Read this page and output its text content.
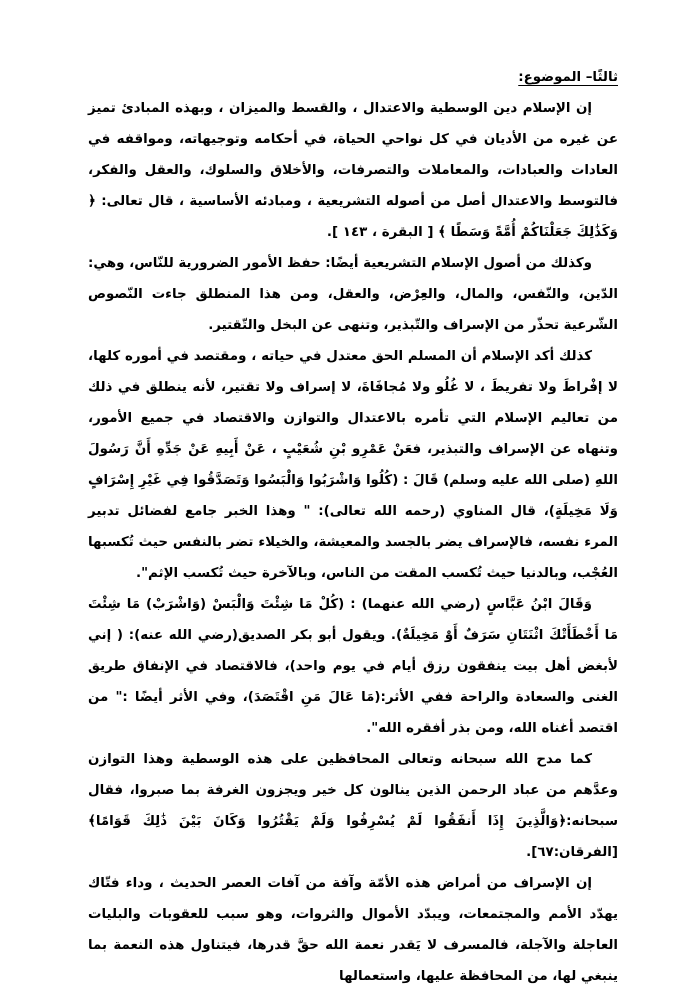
ثالثًا– الموضوع:

إن الإسلام دين الوسطية والاعتدال ، والقسط والميزان ، وبهذه المبادئ تميز عن غيره من الأديان في كل نواحي الحياة، في أحكامه وتوجيهاته، ومواقفه في العادات والعبادات، والمعاملات والتصرفات، والأخلاق والسلوك، والعقل والفكر، فالتوسط والاعتدال أصل من أصوله التشريعية ، ومبادئه الأساسية ، قال تعالى: ﴿ وَكَذَٰلِكَ جَعَلْنَاكُمْ أُمَّةً وَسَطًا ﴾ [ البقرة ، ١٤٣ ].

وكذلك من أصول الإسلام التشريعية أيضًا: حفظ الأمور الضرورية للنّاس، وهي: الدّين، والنّفس، والمال، والعِرْض، والعقل، ومن هذا المنطلق جاءت النّصوص الشّرعية تحذّر من الإسراف والتّبذير، وتنهى عن البخل والتّقتير.

كذلك أكد الإسلام أن المسلم الحق معتدل في حياته ، ومقتصد في أموره كلها، لا إفْراطَ ولا تفريطَ ، لا غُلُو ولا مُجافَاةَ، لا إسراف ولا تقتير، لأنه ينطلق في ذلك من تعاليم الإسلام التي تأمره بالاعتدال والتوازن والاقتصاد في جميع الأمور، وتنهاه عن الإسراف والتبذير، فعَنْ عَمْرِو بْنِ شُعَيْبٍ ، عَنْ أَبِيهِ عَنْ جَدِّهِ أَنَّ رَسُولَ اللهِ (صلى الله عليه وسلم) قَالَ : (كُلُوا وَاشْرَبُوا وَالْبَسُوا وَتَصَدَّقُوا فِي غَيْرِ إِسْرَافٍ وَلَا مَخِيلَةٍ)، قال المناوي (رحمه الله تعالى): " وهذا الخبر جامع لفضائل تدبير المرء نفسه، فالإسراف يضر بالجسد والمعيشة، والخيلاء تضر بالنفس حيث تُكسبها العُجْب، وبالدنيا حيث تُكسب المقت من الناس، وبالآخرة حيث تُكسب الإثم".

وَقَالَ ابْنُ عَبَّاسٍ (رضي الله عنهما) : (كُلْ مَا شِئْتَ وَالْبَسْ (وَاشْرَبْ) مَا شِئْتَ مَا أَخْطَأَتْكَ اثْنَتَانِ سَرَفٌ أَوْ مَخِيلَةٌ). ويقول أبو بكر الصديق(رضي الله عنه): ( إني لأبغض أهل بيت ينفقون رزق أيام في يوم واحد)، فالاقتصاد في الإنفاق طريق الغنى والسعادة والراحة ففي الأثر:(مَا عَالَ مَنِ اقْتَصَدَ)، وفي الأثر أيضًا :" من اقتصد أغناه الله، ومن بذر أفقره الله".

كما مدح الله سبحانه وتعالى المحافظين على هذه الوسطية وهذا التوازن وعدَّهم من عباد الرحمن الذين ينالون كل خير ويجزون الغرفة بما صبروا، فقال سبحانه:﴿وَالَّذِينَ إِذَا أَنفَقُوا لَمْ يُسْرِفُوا وَلَمْ يَقْتُرُوا وَكَانَ بَيْنَ ذَٰلِكَ قَوَامًا﴾ [الفرقان:٦٧].

إن الإسراف من أمراض هذه الأمّة وآفة من آفات العصر الحديث ، وداء فتّاك يهدّد الأمم والمجتمعات، ويبدّد الأموال والثروات، وهو سبب للعقوبات والبليات العاجلة والآجلة، فالمسرف لا يَقدر نعمة الله حقَّ قدرها، فيتناول هذه النعمة بما ينبغي لها، من المحافظة عليها، واستعمالها
